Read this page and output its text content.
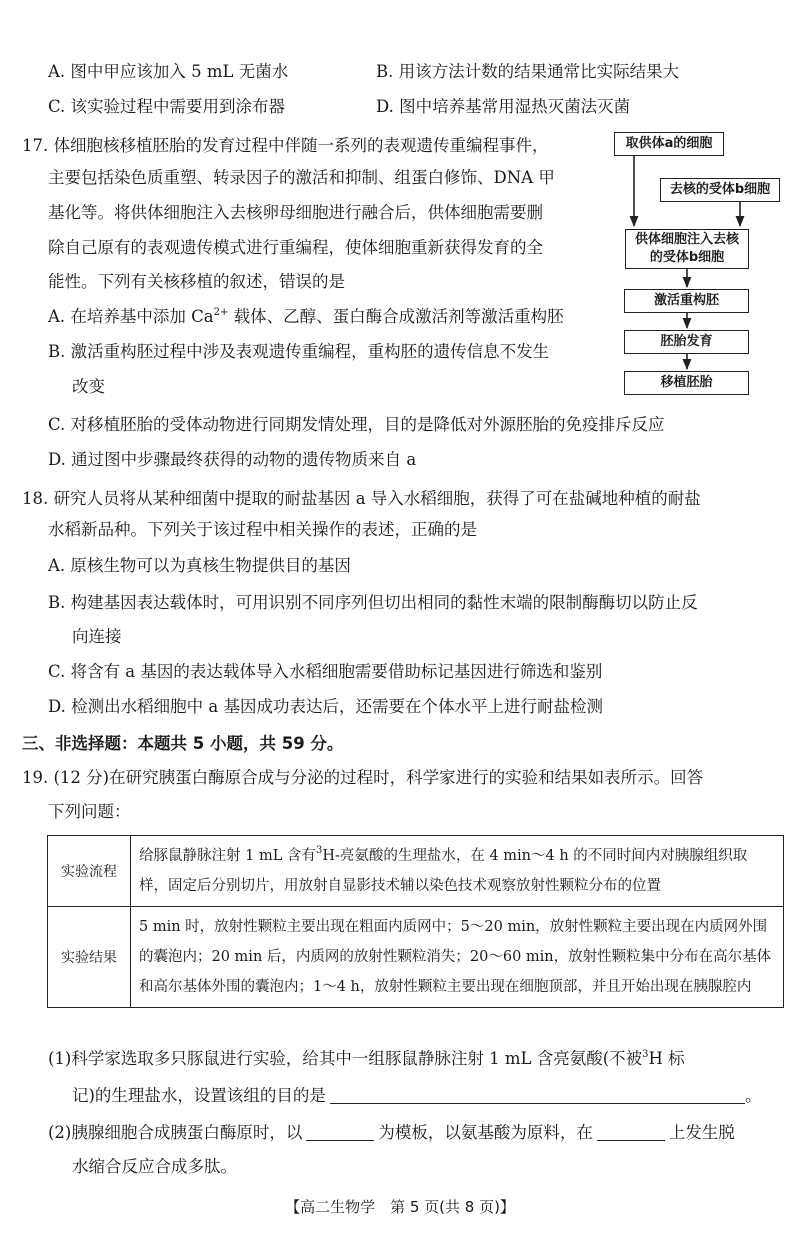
A. 图中甲应该加入 5 mL 无菌水	B. 用该方法计数的结果通常比实际结果大
C. 该实验过程中需要用到涂布器	D. 图中培养基常用湿热灭菌法灭菌
17. 体细胞核移植胚胎的发育过程中伴随一系列的表观遗传重编程事件，
主要包括染色质重塑、转录因子的激活和抑制、组蛋白修饰、DNA 甲
基化等。将供体细胞注入去核卵母细胞进行融合后，供体细胞需要删
除自己原有的表观遗传模式进行重编程，使体细胞重新获得发育的全
能性。下列有关核移植的叙述，错误的是
A. 在培养基中添加 $Ca^{2+}$ 载体、乙醇、蛋白酶合成激活剂等激活重构胚
B. 激活重构胚过程中涉及表观遗传重编程，重构胚的遗传信息不发生
改变
C. 对移植胚胎的受体动物进行同期发情处理，目的是降低对外源胚胎的免疫排斥反应
D. 通过图中步骤最终获得的动物的遗传物质来自 a
取供体a的细胞
去核的受体b细胞
供体细胞注入去核的受体b细胞
激活重构胚
胚胎发育
移植胚胎
18. 研究人员将从某种细菌中提取的耐盐基因 a 导入水稻细胞，获得了可在盐碱地种植的耐盐
水稻新品种。下列关于该过程中相关操作的表述，正确的是
A. 原核生物可以为真核生物提供目的基因
B. 构建基因表达载体时，可用识别不同序列但切出相同的黏性末端的限制酶酶切以防止反
向连接
C. 将含有 a 基因的表达载体导入水稻细胞需要借助标记基因进行筛选和鉴别
D. 检测出水稻细胞中 a 基因成功表达后，还需要在个体水平上进行耐盐检测
三、非选择题：本题共 5 小题，共 59 分。
19. (12 分)在研究胰蛋白酶原合成与分泌的过程时，科学家进行的实验和结果如表所示。回答
下列问题：
实验流程	给豚鼠静脉注射 1 mL 含有$^3$H-亮氨酸的生理盐水，在 4 min～4 h 的不同时间内对胰腺组织取样，固定后分别切片，用放射自显影技术辅以染色技术观察放射性颗粒分布的位置
实验结果	5 min 时，放射性颗粒主要出现在粗面内质网中；5～20 min，放射性颗粒主要出现在内质网外围的囊泡内；20 min 后，内质网的放射性颗粒消失；20～60 min，放射性颗粒集中分布在高尔基体和高尔基体外围的囊泡内；1～4 h，放射性颗粒主要出现在细胞顶部，并且开始出现在胰腺腔内
(1)科学家选取多只豚鼠进行实验，给其中一组豚鼠静脉注射 1 mL 含亮氨酸(不被$^3$H 标
记)的生理盐水，设置该组的目的是	。
(2)胰腺细胞合成胰蛋白酶原时，以	为模板，以氨基酸为原料，在	上发生脱
水缩合反应合成多肽。
【高二生物学　第 5 页(共 8 页)】
